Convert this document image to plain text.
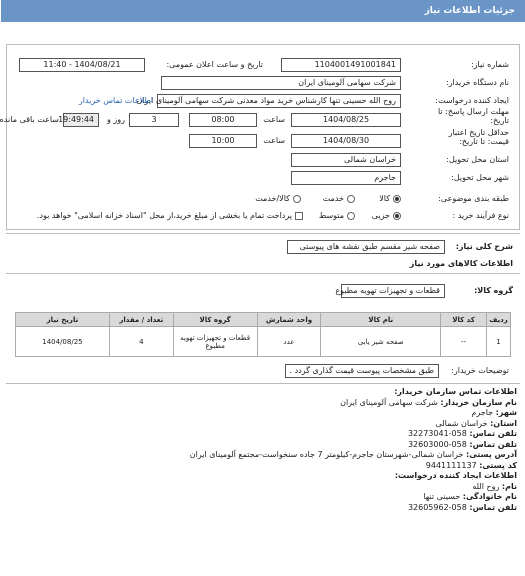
جزئیات اطلاعات نیاز
شماره نیاز:
1104001491001841
تاریخ و ساعت اعلان عمومی:
1404/08/21 - 11:40
نام دستگاه خریدار:
شرکت سهامی آلومینای ایران
ایجاد کننده درخواست:
روح الله حسینی تنها کارشناس خرید مواد معدنی شرکت سهامی آلومینای ایران
اطلاعات تماس خریدار
مهلت ارسال پاسخ: تا
تاریخ:
1404/08/25
ساعت
08:00
3
روز و
19:49:44
ساعت باقی مانده
حداقل تاریخ اعتبار
قیمت: تا تاریخ:
1404/08/30
ساعت
10:00
استان محل تحویل:
خراسان شمالی
شهر محل تحویل:
جاجرم
طبقه بندی موضوعی:
کالا
خدمت
کالا/خدمت
نوع فرآیند خرید :
جزیی
متوسط
پرداخت تمام یا بخشی از مبلغ خرید،از محل "اسناد خزانه اسلامی" خواهد بود.
شرح کلی نیاز:
صفحه شیر مقسم طبق نقشه های پیوستی
اطلاعات کالاهای مورد نیاز
گروه کالا:
قطعات و تجهیزات تهویه مطبوع
ردیف	کد کالا	نام کالا	واحد شمارش	گروه کالا	تعداد / مقدار	تاریخ نیاز
1	--	صفحه شیر یابی	عدد	قطعات و تجهیزات تهویه مطبوع	4	1404/08/25
توضیحات خریدار:
طبق مشخصات پیوست قیمت گذاری گردد .
اطلاعات تماس سازمان خریدار:
نام سازمان خریدار: شرکت سهامی آلومینای ایران
شهر: جاجرم
استان: خراسان شمالی
تلفن تماس: 058-32273041
تلفن تماس: 058-32603000
آدرس پستی: خراسان شمالی-شهرستان جاجرم-کیلومتر 7 جاده سنخواست-مجتمع آلومینای ایران
کد پستی: 9441111137
اطلاعات ایجاد کننده درخواست:
نام: روح الله
نام خانوادگی: حسینی تنها
تلفن تماس: 058-32605962
